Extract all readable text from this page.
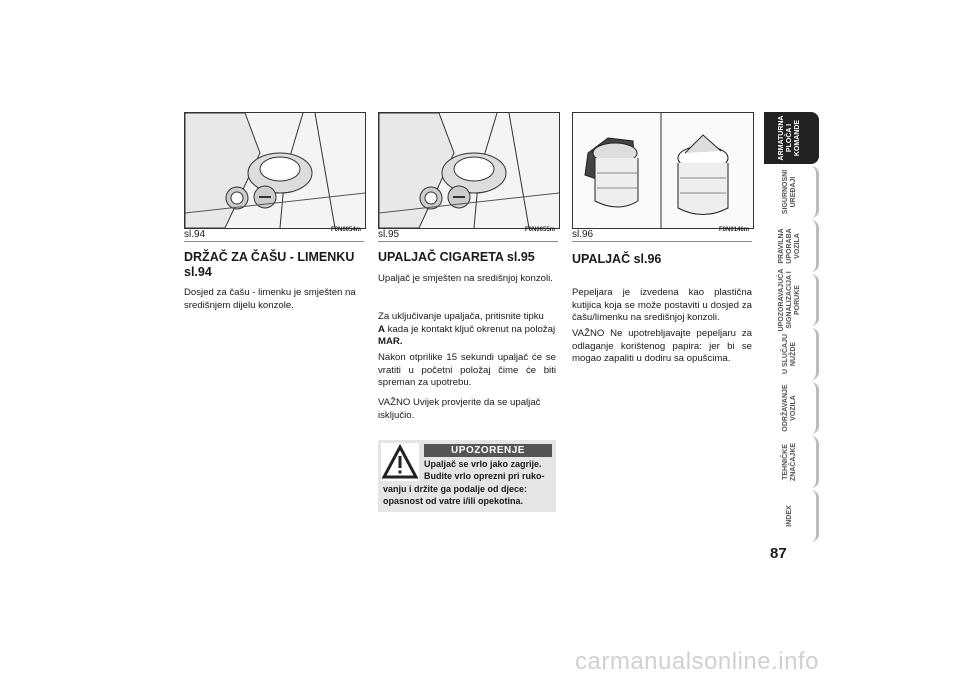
sl.94	F0N0054m
DRŽAČ ZA ČAŠU - LIMENKU sl.94

Dosjed za čašu - limenku je smješten na središnjem dijelu konzole.

sl.95	F0N0055m
UPALJAČ CIGARETA sl.95

Upaljač je smješten na središnjoj konzoli.

Za uključivanje upaljača, pritisnite tipku
A kada je kontakt ključ okrenut na položaj MAR.

Nakon otprilike 15 sekundi upaljač će se vratiti u početni položaj čime će biti spreman za upotrebu.

VAŽNO Uvijek provjerite da se upaljač isključio.

UPOZORENJE
Upaljač se vrlo jako zagrije. Budite vrlo oprezni pri ruko-
vanju i držite ga podalje od djece: opasnost od vatre i/ili opekotina.
sl.96	F0N0146m
UPALJAČ sl.96

Pepeljara je izvedena kao plastična kutijica koja se može postaviti u dosjed za čašu/limenku na središnjoj konzoli.

VAŽNO Ne upotrebljavajte pepeljaru za odlaganje korištenog papira: jer bi se mogao zapaliti u dodiru sa opušcima.

ARMATURNA
PLOČA I
KOMANDE
SIGURNOSNI
UREĐAJI
PRAVILNA
UPORABA
VOZILA
UPOZORAVAJUĆA
SIGNALIZACIJA I
PORUKE
U SLUČAJU
NUŽDE
ODRŽAVANJE
VOZILA
TEHNIČKE
ZNAČAJKE
INDEX
87
carmanualsonline.info
